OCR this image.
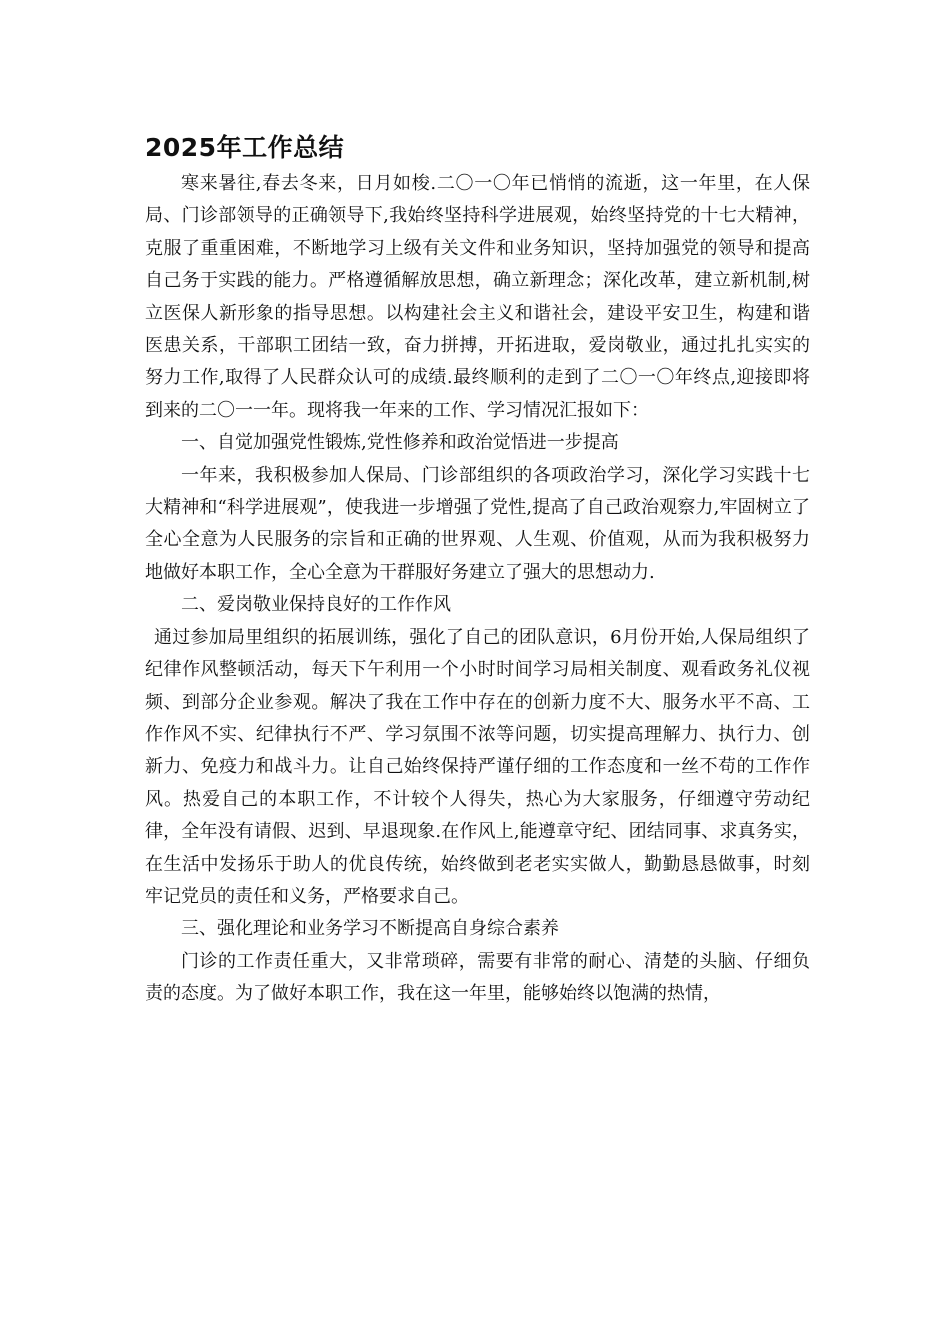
2025年工作总结

寒来暑往,春去冬来，日月如梭.二〇一〇年已悄悄的流逝，这一年里，在人保局、门诊部领导的正确领导下,我始终坚持科学进展观，始终坚持党的十七大精神，克服了重重困难，不断地学习上级有关文件和业务知识，坚持加强党的领导和提高自己务于实践的能力。严格遵循解放思想，确立新理念；深化改革，建立新机制,树立医保人新形象的指导思想。以构建社会主义和谐社会，建设平安卫生，构建和谐医患关系，干部职工团结一致，奋力拼搏，开拓进取，爱岗敬业，通过扎扎实实的努力工作,取得了人民群众认可的成绩.最终顺利的走到了二〇一〇年终点,迎接即将到来的二〇一一年。现将我一年来的工作、学习情况汇报如下：

一、自觉加强党性锻炼,党性修养和政治觉悟进一步提高

一年来，我积极参加人保局、门诊部组织的各项政治学习，深化学习实践十七大精神和“科学进展观”，使我进一步增强了党性,提高了自己政治观察力,牢固树立了全心全意为人民服务的宗旨和正确的世界观、人生观、价值观，从而为我积极努力地做好本职工作，全心全意为干群服好务建立了强大的思想动力.

二、爱岗敬业保持良好的工作作风

通过参加局里组织的拓展训练，强化了自己的团队意识，6月份开始,人保局组织了纪律作风整顿活动，每天下午利用一个小时时间学习局相关制度、观看政务礼仪视频、到部分企业参观。解决了我在工作中存在的创新力度不大、服务水平不高、工作作风不实、纪律执行不严、学习氛围不浓等问题，切实提高理解力、执行力、创新力、免疫力和战斗力。让自己始终保持严谨仔细的工作态度和一丝不苟的工作作风。热爱自己的本职工作，不计较个人得失，热心为大家服务，仔细遵守劳动纪律，全年没有请假、迟到、早退现象.在作风上,能遵章守纪、团结同事、求真务实，在生活中发扬乐于助人的优良传统，始终做到老老实实做人，勤勤恳恳做事，时刻牢记党员的责任和义务，严格要求自己。

三、强化理论和业务学习不断提高自身综合素养

门诊的工作责任重大，又非常琐碎，需要有非常的耐心、清楚的头脑、仔细负责的态度。为了做好本职工作，我在这一年里，能够始终以饱满的热情，
